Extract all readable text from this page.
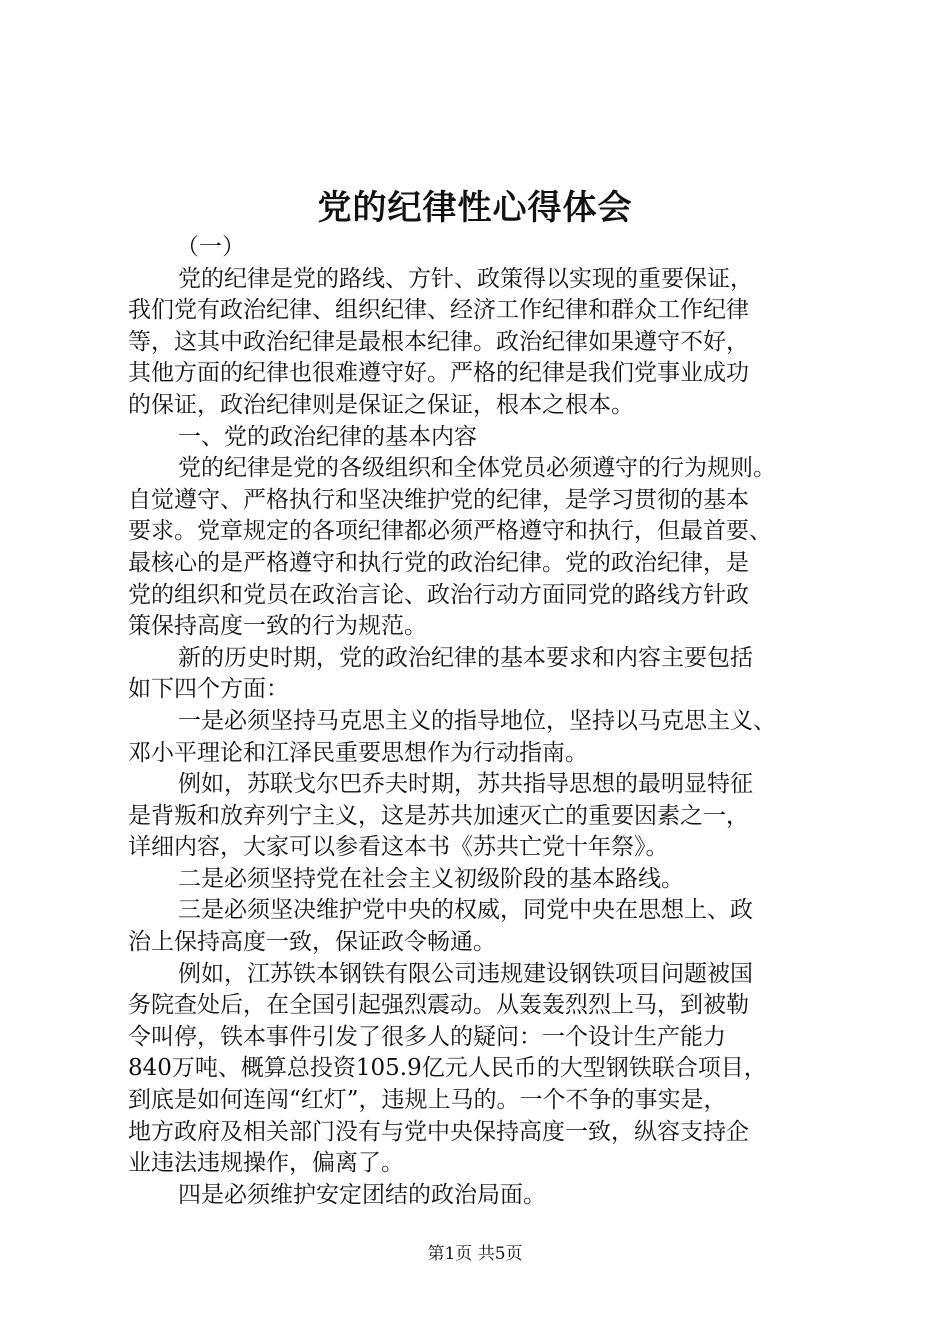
党的纪律性心得体会
（一）
党的纪律是党的路线、方针、政策得以实现的重要保证，
我们党有政治纪律、组织纪律、经济工作纪律和群众工作纪律
等，这其中政治纪律是最根本纪律。政治纪律如果遵守不好，
其他方面的纪律也很难遵守好。严格的纪律是我们党事业成功
的保证，政治纪律则是保证之保证，根本之根本。
一、党的政治纪律的基本内容
党的纪律是党的各级组织和全体党员必须遵守的行为规则。
自觉遵守、严格执行和坚决维护党的纪律，是学习贯彻的基本
要求。党章规定的各项纪律都必须严格遵守和执行，但最首要、
最核心的是严格遵守和执行党的政治纪律。党的政治纪律，是
党的组织和党员在政治言论、政治行动方面同党的路线方针政
策保持高度一致的行为规范。
新的历史时期，党的政治纪律的基本要求和内容主要包括
如下四个方面：
一是必须坚持马克思主义的指导地位，坚持以马克思主义、
邓小平理论和江泽民重要思想作为行动指南。
例如，苏联戈尔巴乔夫时期，苏共指导思想的最明显特征
是背叛和放弃列宁主义，这是苏共加速灭亡的重要因素之一，
详细内容，大家可以参看这本书《苏共亡党十年祭》。
二是必须坚持党在社会主义初级阶段的基本路线。
三是必须坚决维护党中央的权威，同党中央在思想上、政
治上保持高度一致，保证政令畅通。
例如，江苏铁本钢铁有限公司违规建设钢铁项目问题被国
务院查处后，在全国引起强烈震动。从轰轰烈烈上马，到被勒
令叫停，铁本事件引发了很多人的疑问：一个设计生产能力
840万吨、概算总投资105.9亿元人民币的大型钢铁联合项目，
到底是如何连闯“红灯”，违规上马的。一个不争的事实是，
地方政府及相关部门没有与党中央保持高度一致，纵容支持企
业违法违规操作，偏离了。
四是必须维护安定团结的政治局面。
第1页 共5页
